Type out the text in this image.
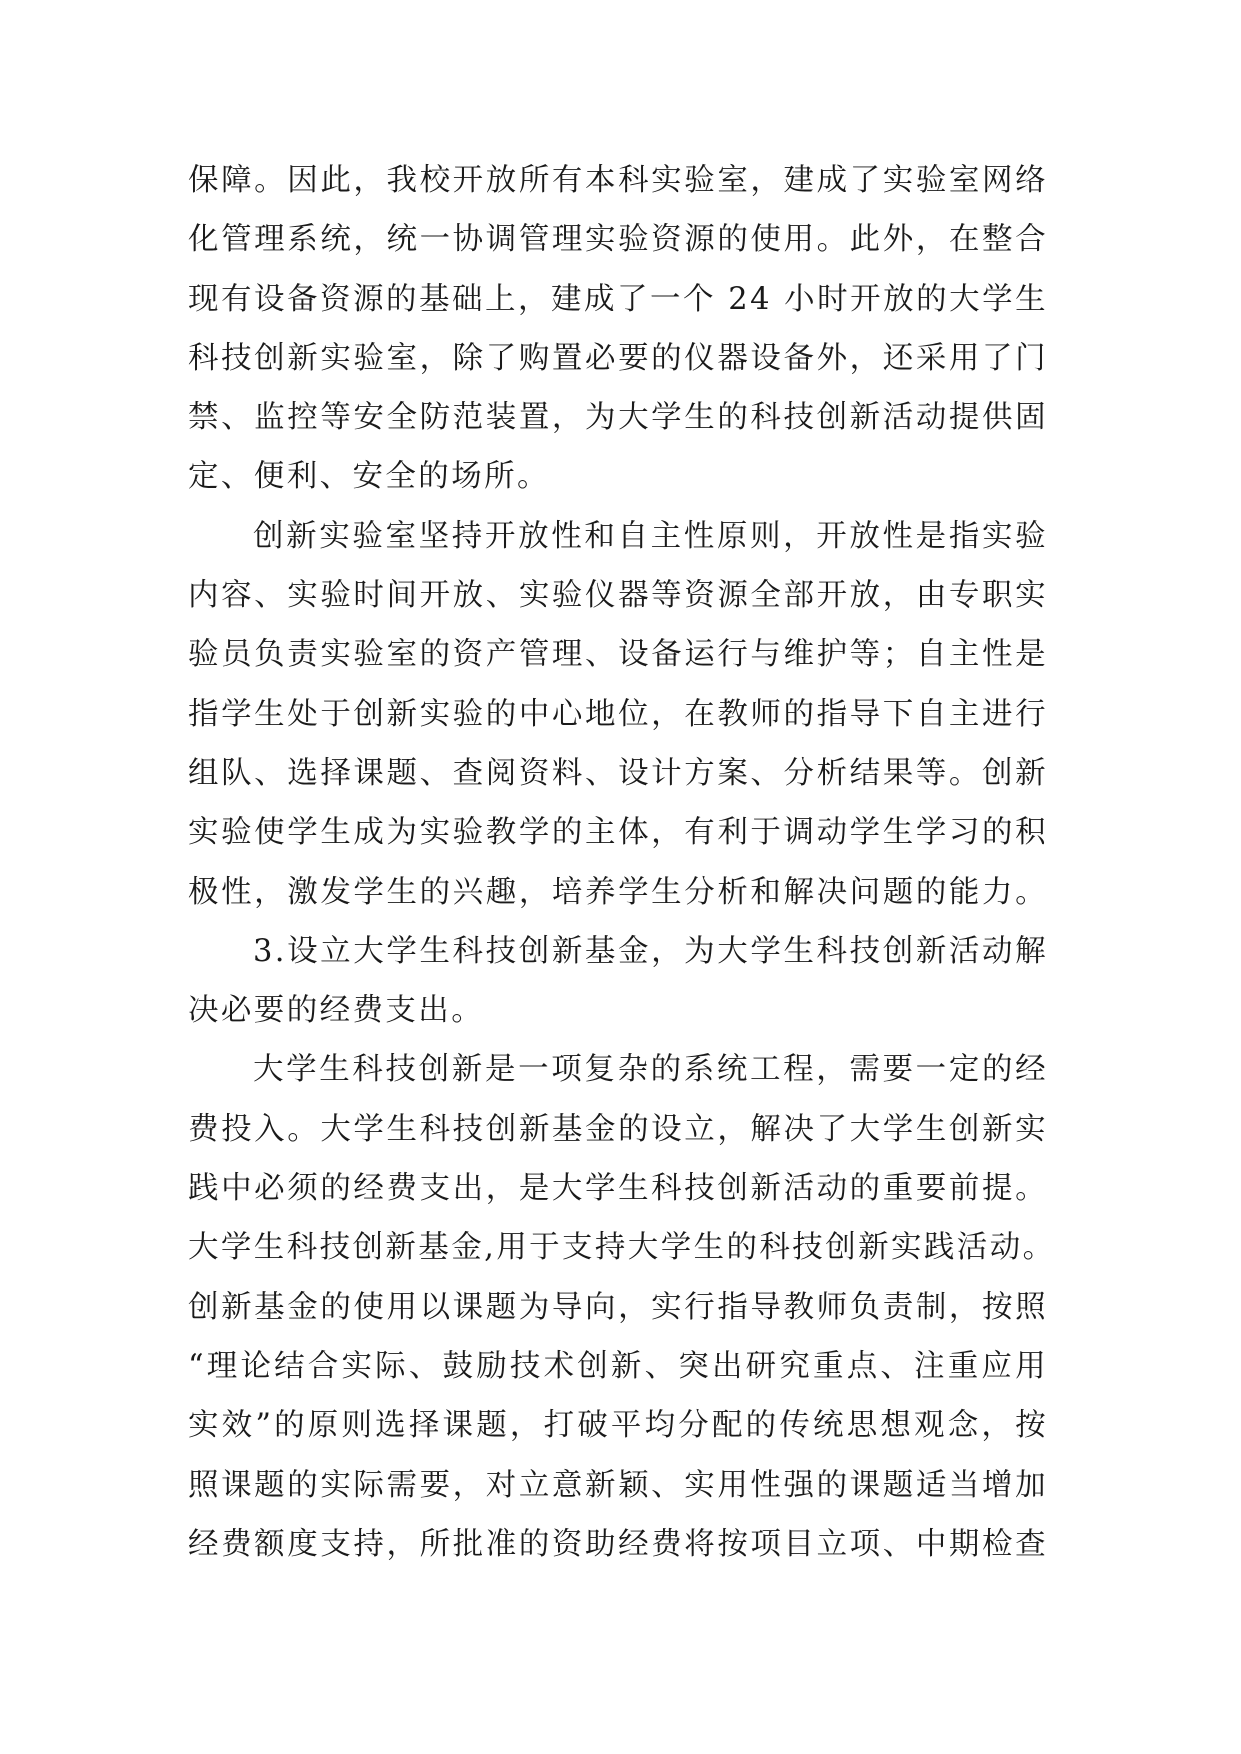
保障。因此，我校开放所有本科实验室，建成了实验室网络
化管理系统，统一协调管理实验资源的使用。此外，在整合
现有设备资源的基础上，建成了一个 24 小时开放的大学生
科技创新实验室，除了购置必要的仪器设备外，还采用了门
禁、监控等安全防范装置，为大学生的科技创新活动提供固
定、便利、安全的场所。
创新实验室坚持开放性和自主性原则，开放性是指实验
内容、实验时间开放、实验仪器等资源全部开放，由专职实
验员负责实验室的资产管理、设备运行与维护等；自主性是
指学生处于创新实验的中心地位，在教师的指导下自主进行
组队、选择课题、查阅资料、设计方案、分析结果等。创新
实验使学生成为实验教学的主体，有利于调动学生学习的积
极性，激发学生的兴趣，培养学生分析和解决问题的能力。
3.设立大学生科技创新基金，为大学生科技创新活动解
决必要的经费支出。
大学生科技创新是一项复杂的系统工程，需要一定的经
费投入。大学生科技创新基金的设立，解决了大学生创新实
践中必须的经费支出，是大学生科技创新活动的重要前提。
大学生科技创新基金,用于支持大学生的科技创新实践活动。
创新基金的使用以课题为导向，实行指导教师负责制，按照
“理论结合实际、鼓励技术创新、突出研究重点、注重应用
实效”的原则选择课题，打破平均分配的传统思想观念，按
照课题的实际需要，对立意新颖、实用性强的课题适当增加
经费额度支持，所批准的资助经费将按项目立项、中期检查
